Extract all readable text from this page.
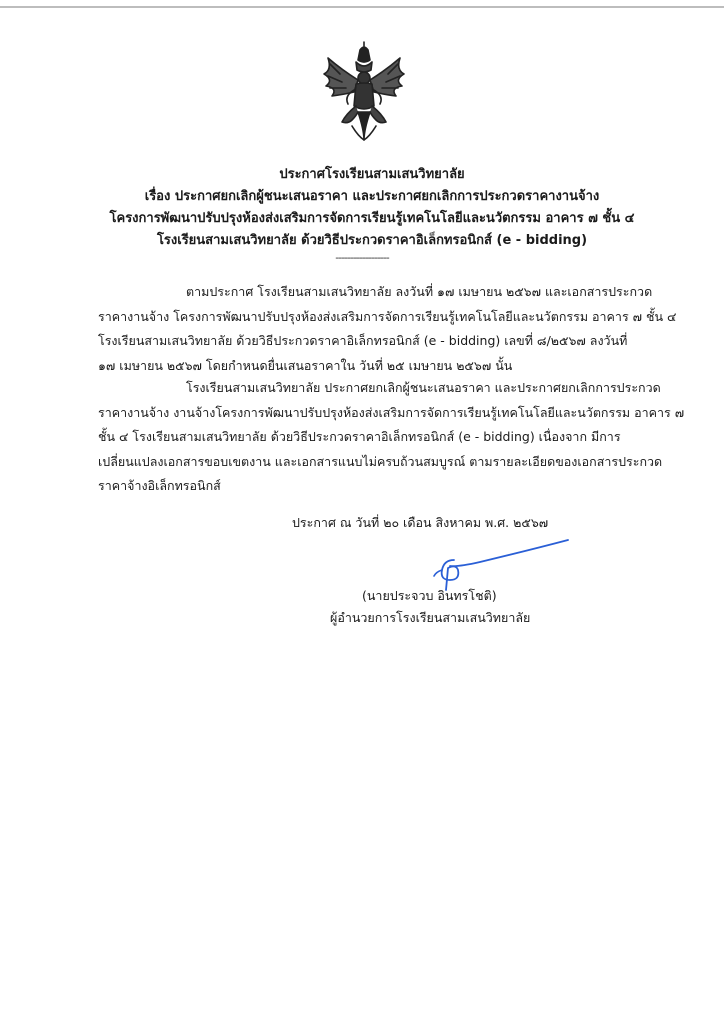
ประกาศโรงเรียนสามเสนวิทยาลัย
เรื่อง ประกาศยกเลิกผู้ชนะเสนอราคา และประกาศยกเลิกการประกวดราคางานจ้าง
โครงการพัฒนาปรับปรุงห้องส่งเสริมการจัดการเรียนรู้เทคโนโลยีและนวัตกรรม อาคาร ๗ ชั้น ๔
โรงเรียนสามเสนวิทยาลัย ด้วยวิธีประกวดราคาอิเล็กทรอนิกส์ (e - bidding)
------------------
ตามประกาศ โรงเรียนสามเสนวิทยาลัย ลงวันที่ ๑๗ เมษายน ๒๕๖๗ และเอกสารประกวด
ราคางานจ้าง โครงการพัฒนาปรับปรุงห้องส่งเสริมการจัดการเรียนรู้เทคโนโลยีและนวัตกรรม อาคาร ๗ ชั้น ๔
โรงเรียนสามเสนวิทยาลัย ด้วยวิธีประกวดราคาอิเล็กทรอนิกส์ (e - bidding) เลขที่ ๘/๒๕๖๗ ลงวันที่
๑๗ เมษายน ๒๕๖๗ โดยกำหนดยื่นเสนอราคาใน วันที่ ๒๕ เมษายน ๒๕๖๗ นั้น
โรงเรียนสามเสนวิทยาลัย ประกาศยกเลิกผู้ชนะเสนอราคา และประกาศยกเลิกการประกวด
ราคางานจ้าง งานจ้างโครงการพัฒนาปรับปรุงห้องส่งเสริมการจัดการเรียนรู้เทคโนโลยีและนวัตกรรม อาคาร ๗
ชั้น ๔ โรงเรียนสามเสนวิทยาลัย ด้วยวิธีประกวดราคาอิเล็กทรอนิกส์ (e - bidding) เนื่องจาก มีการ
เปลี่ยนแปลงเอกสารขอบเขตงาน และเอกสารแนบไม่ครบถ้วนสมบูรณ์ ตามรายละเอียดของเอกสารประกวด
ราคาจ้างอิเล็กทรอนิกส์
ประกาศ ณ วันที่ ๒๐ เดือน สิงหาคม พ.ศ. ๒๕๖๗
(นายประจวบ อินทรโชติ)
ผู้อำนวยการโรงเรียนสามเสนวิทยาลัย
